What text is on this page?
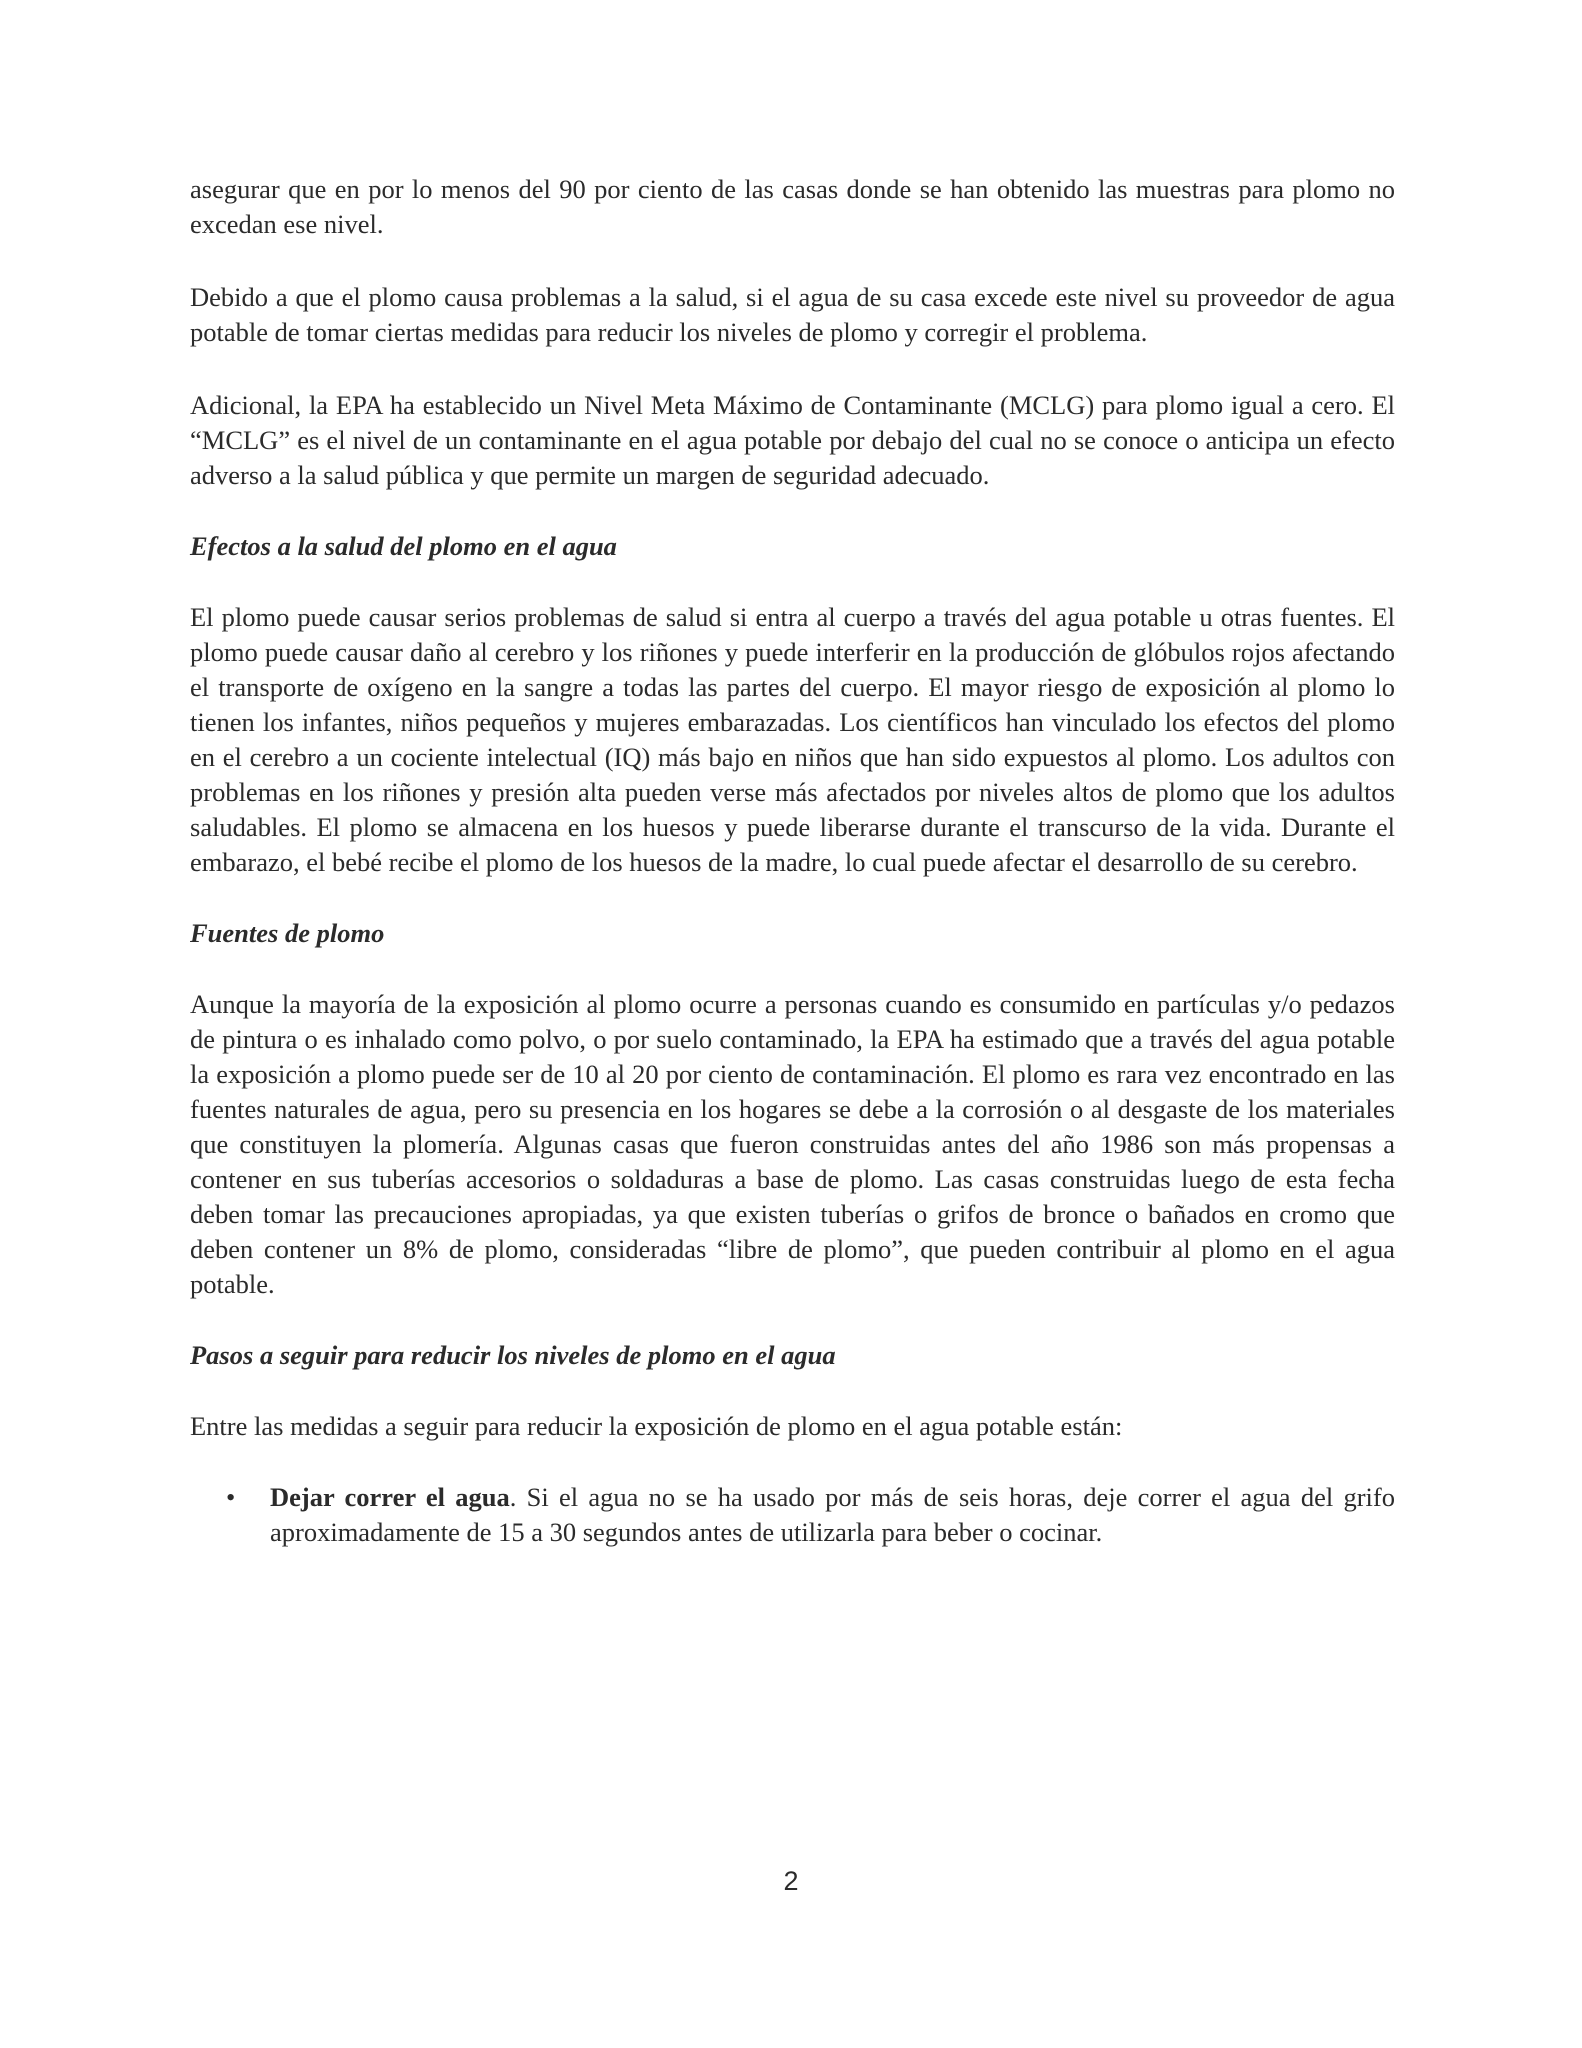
asegurar que en por lo menos del 90 por ciento de las casas donde se han obtenido las muestras para plomo no excedan ese nivel.

Debido a que el plomo causa problemas a la salud, si el agua de su casa excede este nivel su proveedor de agua potable de tomar ciertas medidas para reducir los niveles de plomo y corregir el problema.

Adicional, la EPA ha establecido un Nivel Meta Máximo de Contaminante (MCLG) para plomo igual a cero. El “MCLG” es el nivel de un contaminante en el agua potable por debajo del cual no se conoce o anticipa un efecto adverso a la salud pública y que permite un margen de seguridad adecuado.

Efectos a la salud del plomo en el agua

El plomo puede causar serios problemas de salud si entra al cuerpo a través del agua potable u otras fuentes. El plomo puede causar daño al cerebro y los riñones y puede interferir en la producción de glóbulos rojos afectando el transporte de oxígeno en la sangre a todas las partes del cuerpo. El mayor riesgo de exposición al plomo lo tienen los infantes, niños pequeños y mujeres embarazadas. Los científicos han vinculado los efectos del plomo en el cerebro a un cociente intelectual (IQ) más bajo en niños que han sido expuestos al plomo. Los adultos con problemas en los riñones y presión alta pueden verse más afectados por niveles altos de plomo que los adultos saludables. El plomo se almacena en los huesos y puede liberarse durante el transcurso de la vida. Durante el embarazo, el bebé recibe el plomo de los huesos de la madre, lo cual puede afectar el desarrollo de su cerebro.

Fuentes de plomo

Aunque la mayoría de la exposición al plomo ocurre a personas cuando es consumido en partículas y/o pedazos de pintura o es inhalado como polvo, o por suelo contaminado, la EPA ha estimado que a través del agua potable la exposición a plomo puede ser de 10 al 20 por ciento de contaminación. El plomo es rara vez encontrado en las fuentes naturales de agua, pero su presencia en los hogares se debe a la corrosión o al desgaste de los materiales que constituyen la plomería. Algunas casas que fueron construidas antes del año 1986 son más propensas a contener en sus tuberías accesorios o soldaduras a base de plomo. Las casas construidas luego de esta fecha deben tomar las precauciones apropiadas, ya que existen tuberías o grifos de bronce o bañados en cromo que deben contener un 8% de plomo, consideradas “libre de plomo”, que pueden contribuir al plomo en el agua potable.

Pasos a seguir para reducir los niveles de plomo en el agua

Entre las medidas a seguir para reducir la exposición de plomo en el agua potable están:

• Dejar correr el agua. Si el agua no se ha usado por más de seis horas, deje correr el agua del grifo aproximadamente de 15 a 30 segundos antes de utilizarla para beber o cocinar.
2
